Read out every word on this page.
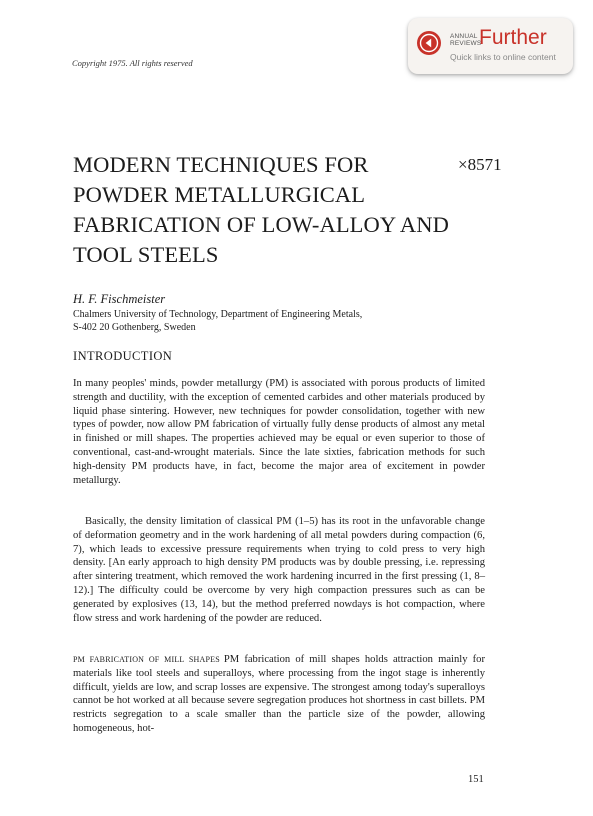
Copyright 1975. All rights reserved
ANNUAL
REVIEWS
Further
Quick links to online content
MODERN TECHNIQUES FOR
POWDER METALLURGICAL
FABRICATION OF LOW-ALLOY AND
TOOL STEELS
×8571
H. F. Fischmeister
Chalmers University of Technology, Department of Engineering Metals,
S-402 20 Gothenberg, Sweden
INTRODUCTION

In many peoples' minds, powder metallurgy (PM) is associated with porous products of limited strength and ductility, with the exception of cemented carbides and other materials produced by liquid phase sintering. However, new techniques for powder consolidation, together with new types of powder, now allow PM fabrication of virtually fully dense products of almost any metal in finished or mill shapes. The properties achieved may be equal or even superior to those of conventional, cast-and-wrought materials. Since the late sixties, fabrication methods for such high-density PM products have, in fact, become the major area of excitement in powder metallurgy.

Basically, the density limitation of classical PM (1–5) has its root in the unfavorable change of deformation geometry and in the work hardening of all metal powders during compaction (6, 7), which leads to excessive pressure requirements when trying to cold press to very high density. [An early approach to high density PM products was by double pressing, i.e. repressing after sintering treatment, which removed the work hardening incurred in the first pressing (1, 8–12).] The difficulty could be overcome by very high compaction pressures such as can be generated by explosives (13, 14), but the method preferred nowdays is hot compaction, where flow stress and work hardening of the powder are reduced.

PM FABRICATION OF MILL SHAPES PM fabrication of mill shapes holds attraction mainly for materials like tool steels and superalloys, where processing from the ingot stage is inherently difficult, yields are low, and scrap losses are expensive. The strongest among today's superalloys cannot be hot worked at all because severe segregation produces hot shortness in cast billets. PM restricts segregation to a scale smaller than the particle size of the powder, allowing homogeneous, hot-

151
